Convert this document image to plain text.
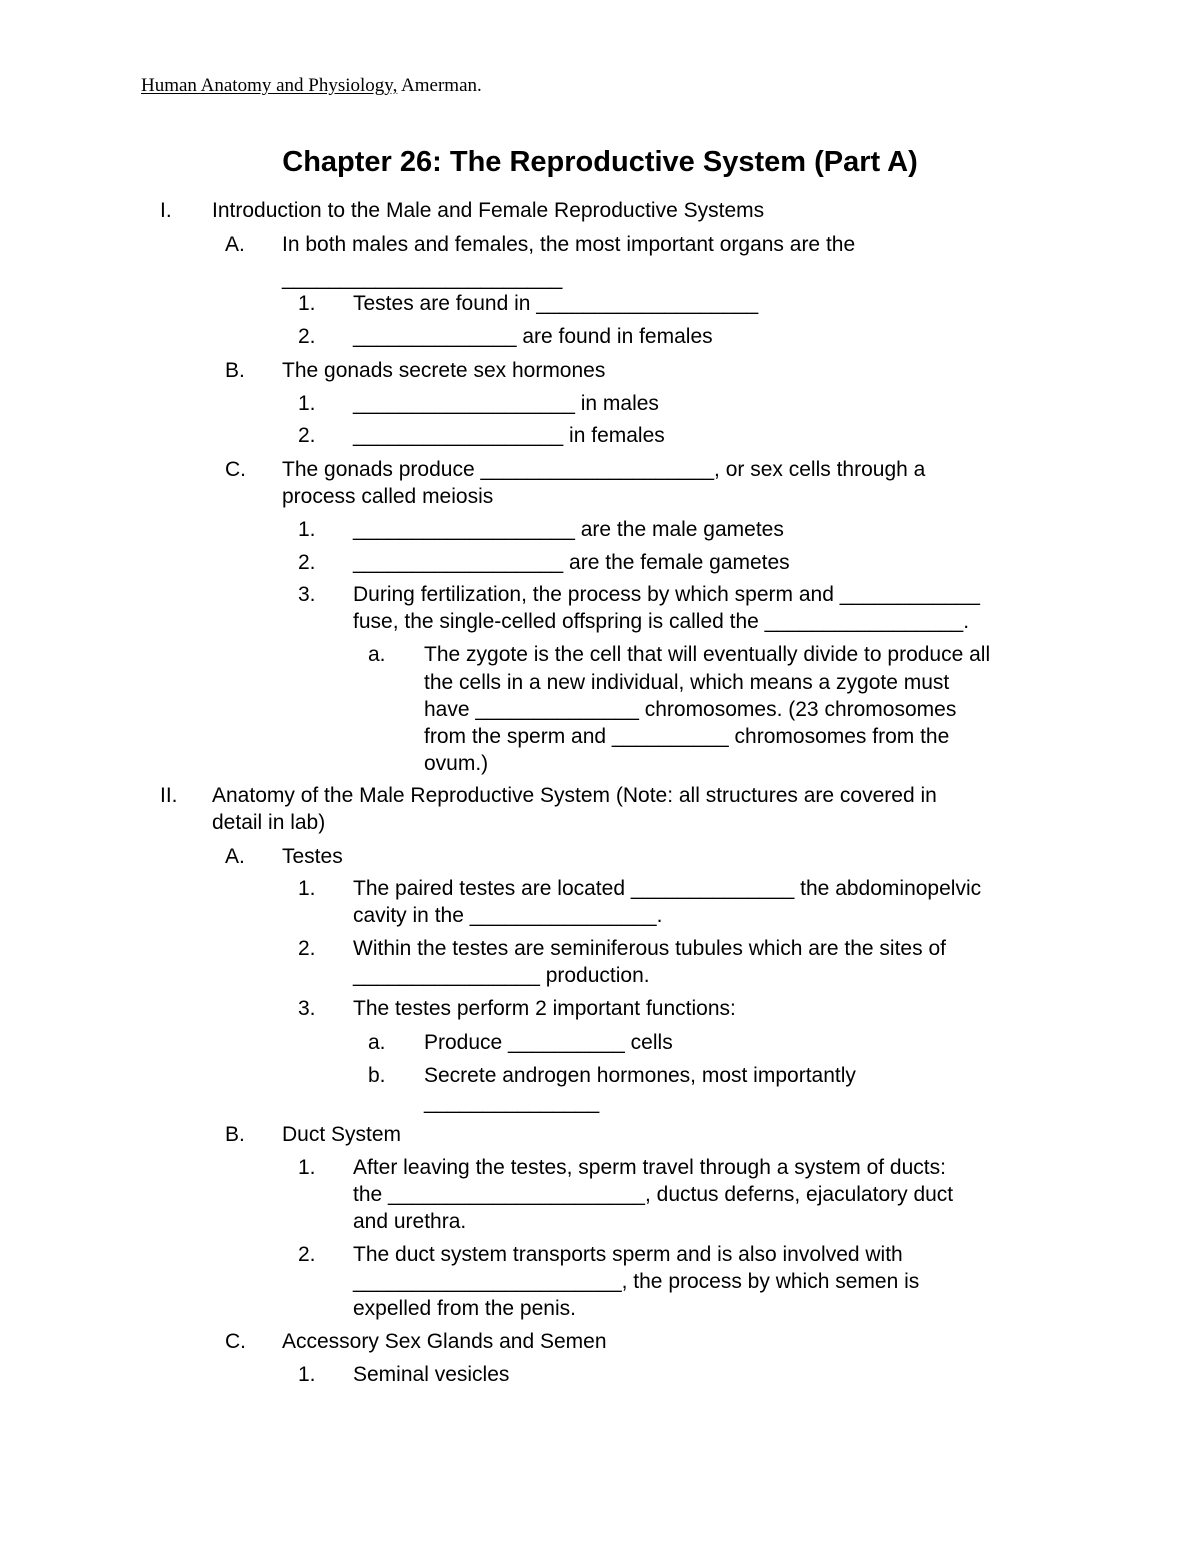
Human Anatomy and Physiology, Amerman.
Chapter 26: The Reproductive System (Part A)
I. Introduction to the Male and Female Reproductive Systems
A. In both males and females, the most important organs are the
________________________
1. Testes are found in ___________________
2. ______________ are found in females
B. The gonads secrete sex hormones
1. ___________________ in males
2. __________________ in females
C. The gonads produce ____________________, or sex cells through a
process called meiosis
1. ___________________ are the male gametes
2. __________________ are the female gametes
3. During fertilization, the process by which sperm and ____________
fuse, the single-celled offspring is called the _________________.
a. The zygote is the cell that will eventually divide to produce all
the cells in a new individual, which means a zygote must
have ______________ chromosomes. (23 chromosomes
from the sperm and __________ chromosomes from the
ovum.)
II. Anatomy of the Male Reproductive System (Note: all structures are covered in
detail in lab)
A. Testes
1. The paired testes are located ______________ the abdominopelvic
cavity in the ________________.
2. Within the testes are seminiferous tubules which are the sites of
________________ production.
3. The testes perform 2 important functions:
a. Produce __________ cells
b. Secrete androgen hormones, most importantly
_______________
B. Duct System
1. After leaving the testes, sperm travel through a system of ducts:
the ______________________, ductus deferns, ejaculatory duct
and urethra.
2. The duct system transports sperm and is also involved with
_______________________, the process by which semen is
expelled from the penis.
C. Accessory Sex Glands and Semen
1. Seminal vesicles
